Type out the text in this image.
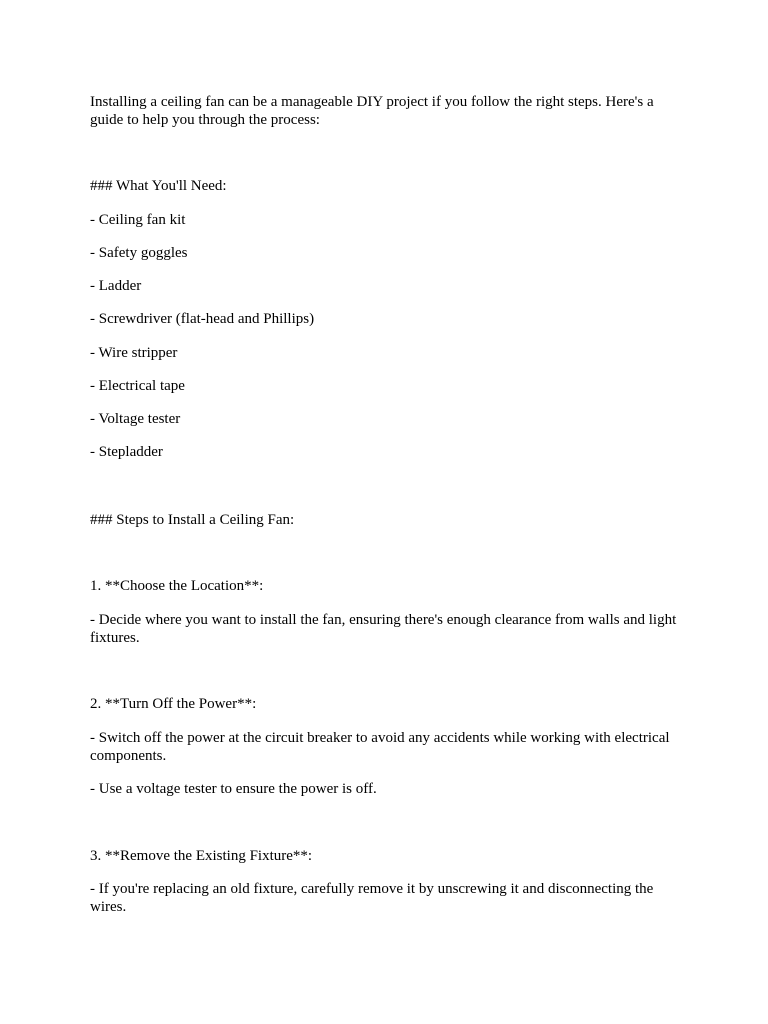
Installing a ceiling fan can be a manageable DIY project if you follow the right steps. Here's a guide to help you through the process:

### What You'll Need:

- Ceiling fan kit

- Safety goggles

- Ladder

- Screwdriver (flat-head and Phillips)

- Wire stripper

- Electrical tape

- Voltage tester

- Stepladder

### Steps to Install a Ceiling Fan:

1. **Choose the Location**:

- Decide where you want to install the fan, ensuring there's enough clearance from walls and light fixtures.

2. **Turn Off the Power**:

- Switch off the power at the circuit breaker to avoid any accidents while working with electrical components.

- Use a voltage tester to ensure the power is off.

3. **Remove the Existing Fixture**:

- If you're replacing an old fixture, carefully remove it by unscrewing it and disconnecting the wires.
